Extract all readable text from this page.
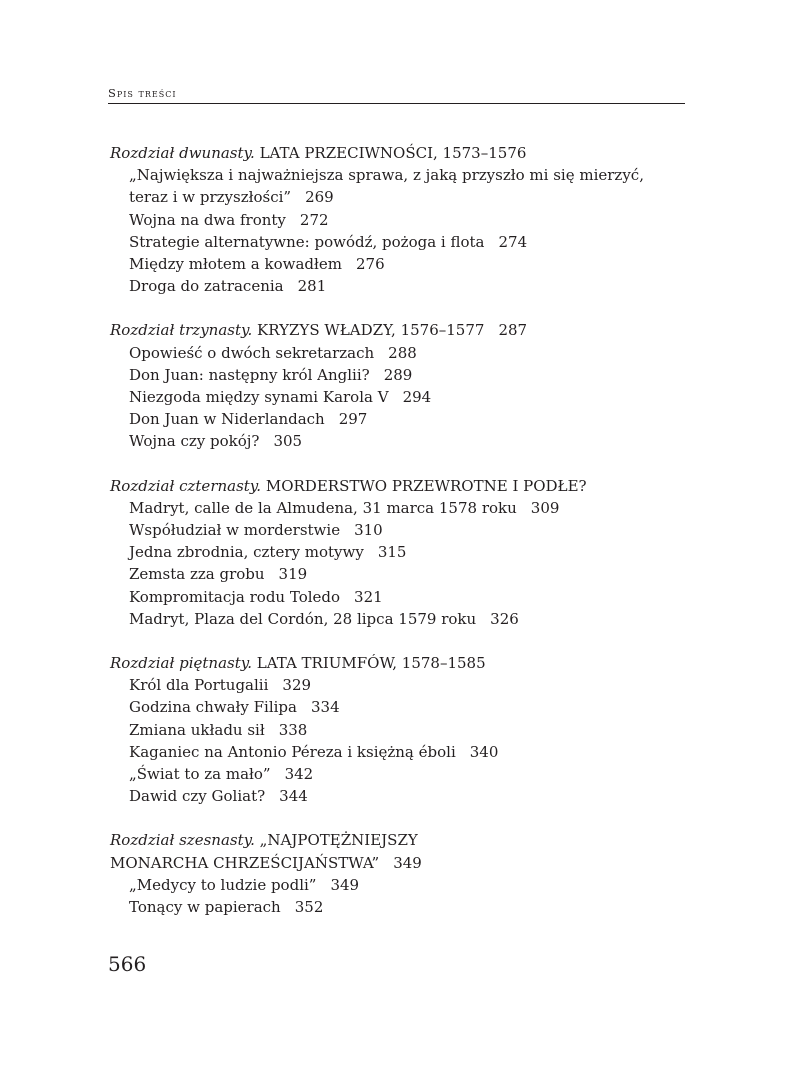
Spis treści
Rozdział dwunasty. LATA PRZECIWNOŚCI, 1573–1576
„Największa i najważniejsza sprawa, z jaką przyszło mi się mierzyć,
teraz i w przyszłości” 269
Wojna na dwa fronty 272
Strategie alternatywne: powódź, pożoga i flota 274
Między młotem a kowadłem 276
Droga do zatracenia 281
Rozdział trzynasty. KRYZYS WŁADZY, 1576–1577 287
Opowieść o dwóch sekretarzach 288
Don Juan: następny król Anglii? 289
Niezgoda między synami Karola V 294
Don Juan w Niderlandach 297
Wojna czy pokój? 305
Rozdział czternasty. MORDERSTWO PRZEWROTNE I PODŁE?
Madryt, calle de la Almudena, 31 marca 1578 roku 309
Współudział w morderstwie 310
Jedna zbrodnia, cztery motywy 315
Zemsta zza grobu 319
Kompromitacja rodu Toledo 321
Madryt, Plaza del Cordón, 28 lipca 1579 roku 326
Rozdział piętnasty. LATA TRIUMFÓW, 1578–1585
Król dla Portugalii 329
Godzina chwały Filipa 334
Zmiana układu sił 338
Kaganiec na Antonio Péreza i księżną éboli 340
„Świat to za mało” 342
Dawid czy Goliat? 344
Rozdział szesnasty. „NAJPOTĘŻNIEJSZY
MONARCHA CHRZEŚCIJAŃSTWA” 349
„Medycy to ludzie podli” 349
Tonący w papierach 352
566
